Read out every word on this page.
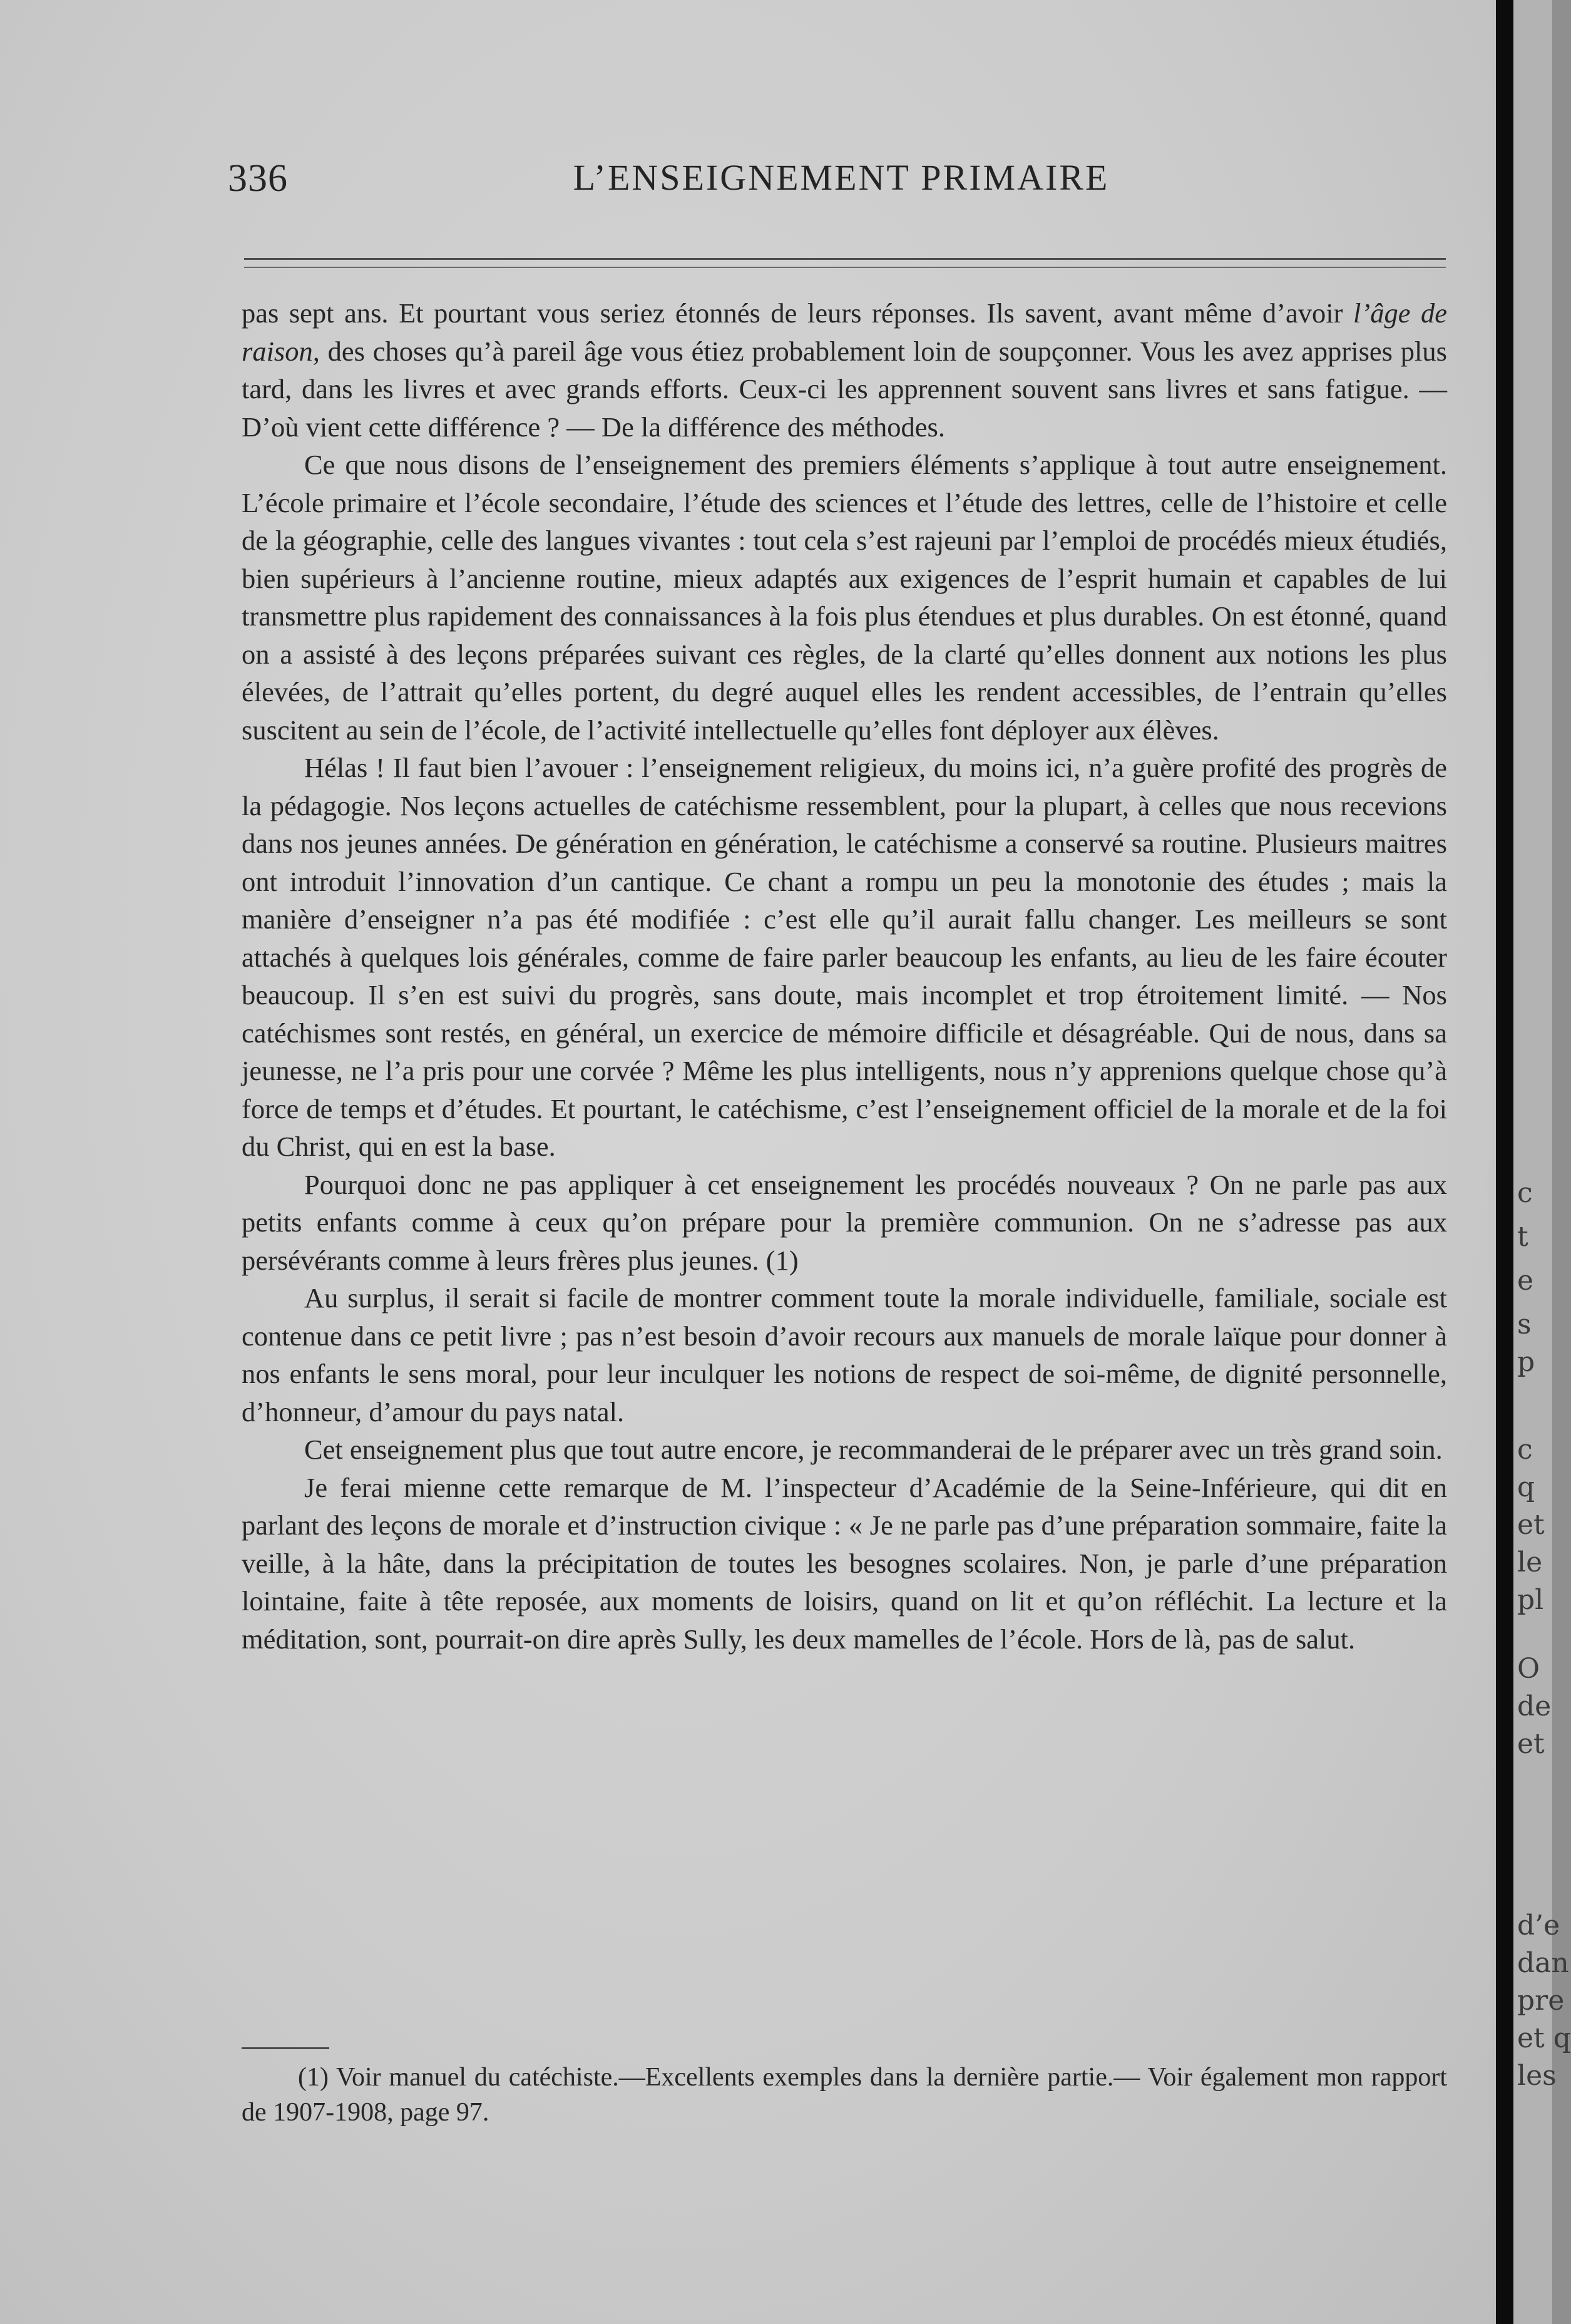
336	L’ENSEIGNEMENT PRIMAIRE

pas sept ans. Et pourtant vous seriez étonnés de leurs réponses. Ils savent, avant même d’avoir l’âge de raison, des choses qu’à pareil âge vous étiez probablement loin de soupçonner. Vous les avez apprises plus tard, dans les livres et avec grands efforts. Ceux-ci les apprennent souvent sans livres et sans fatigue. — D’où vient cette différence ? — De la différence des méthodes.

Ce que nous disons de l’enseignement des premiers éléments s’applique à tout autre enseignement. L’école primaire et l’école secondaire, l’étude des sciences et l’étude des lettres, celle de l’histoire et celle de la géographie, celle des langues vivantes : tout cela s’est rajeuni par l’emploi de procédés mieux étudiés, bien supérieurs à l’ancienne routine, mieux adaptés aux exigences de l’esprit humain et capables de lui transmettre plus rapidement des connaissances à la fois plus étendues et plus durables. On est étonné, quand on a assisté à des leçons préparées suivant ces règles, de la clarté qu’elles donnent aux notions les plus élevées, de l’attrait qu’elles portent, du degré auquel elles les rendent accessibles, de l’entrain qu’elles suscitent au sein de l’école, de l’activité intellectuelle qu’elles font déployer aux élèves.

Hélas ! Il faut bien l’avouer : l’enseignement religieux, du moins ici, n’a guère profité des progrès de la pédagogie. Nos leçons actuelles de catéchisme ressemblent, pour la plupart, à celles que nous recevions dans nos jeunes années. De génération en génération, le catéchisme a conservé sa routine. Plusieurs maitres ont introduit l’innovation d’un cantique. Ce chant a rompu un peu la monotonie des études ; mais la manière d’enseigner n’a pas été modifiée : c’est elle qu’il aurait fallu changer. Les meilleurs se sont attachés à quelques lois générales, comme de faire parler beaucoup les enfants, au lieu de les faire écouter beaucoup. Il s’en est suivi du progrès, sans doute, mais incomplet et trop étroitement limité. — Nos catéchismes sont restés, en général, un exercice de mémoire difficile et désagréable. Qui de nous, dans sa jeunesse, ne l’a pris pour une corvée ? Même les plus intelligents, nous n’y apprenions quelque chose qu’à force de temps et d’études. Et pourtant, le catéchisme, c’est l’enseignement officiel de la morale et de la foi du Christ, qui en est la base.

Pourquoi donc ne pas appliquer à cet enseignement les procédés nouveaux ? On ne parle pas aux petits enfants comme à ceux qu’on prépare pour la première communion. On ne s’adresse pas aux persévérants comme à leurs frères plus jeunes. (1)

Au surplus, il serait si facile de montrer comment toute la morale individuelle, familiale, sociale est contenue dans ce petit livre ; pas n’est besoin d’avoir recours aux manuels de morale laïque pour donner à nos enfants le sens moral, pour leur inculquer les notions de respect de soi-même, de dignité personnelle, d’honneur, d’amour du pays natal.

Cet enseignement plus que tout autre encore, je recommanderai de le préparer avec un très grand soin.

Je ferai mienne cette remarque de M. l’inspecteur d’Académie de la Seine-Inférieure, qui dit en parlant des leçons de morale et d’instruction civique : « Je ne parle pas d’une préparation sommaire, faite la veille, à la hâte, dans la précipitation de toutes les besognes scolaires. Non, je parle d’une préparation lointaine, faite à tête reposée, aux moments de loisirs, quand on lit et qu’on réfléchit. La lecture et la méditation, sont, pourrait-on dire après Sully, les deux mamelles de l’école. Hors de là, pas de salut.

(1) Voir manuel du catéchiste.—Excellents exemples dans la dernière partie.— Voir également mon rapport de 1907-1908, page 97.

c
t
e
s
p
c
q
et
le
pl
O
de
et
d’e
dan
pre
et q
les
